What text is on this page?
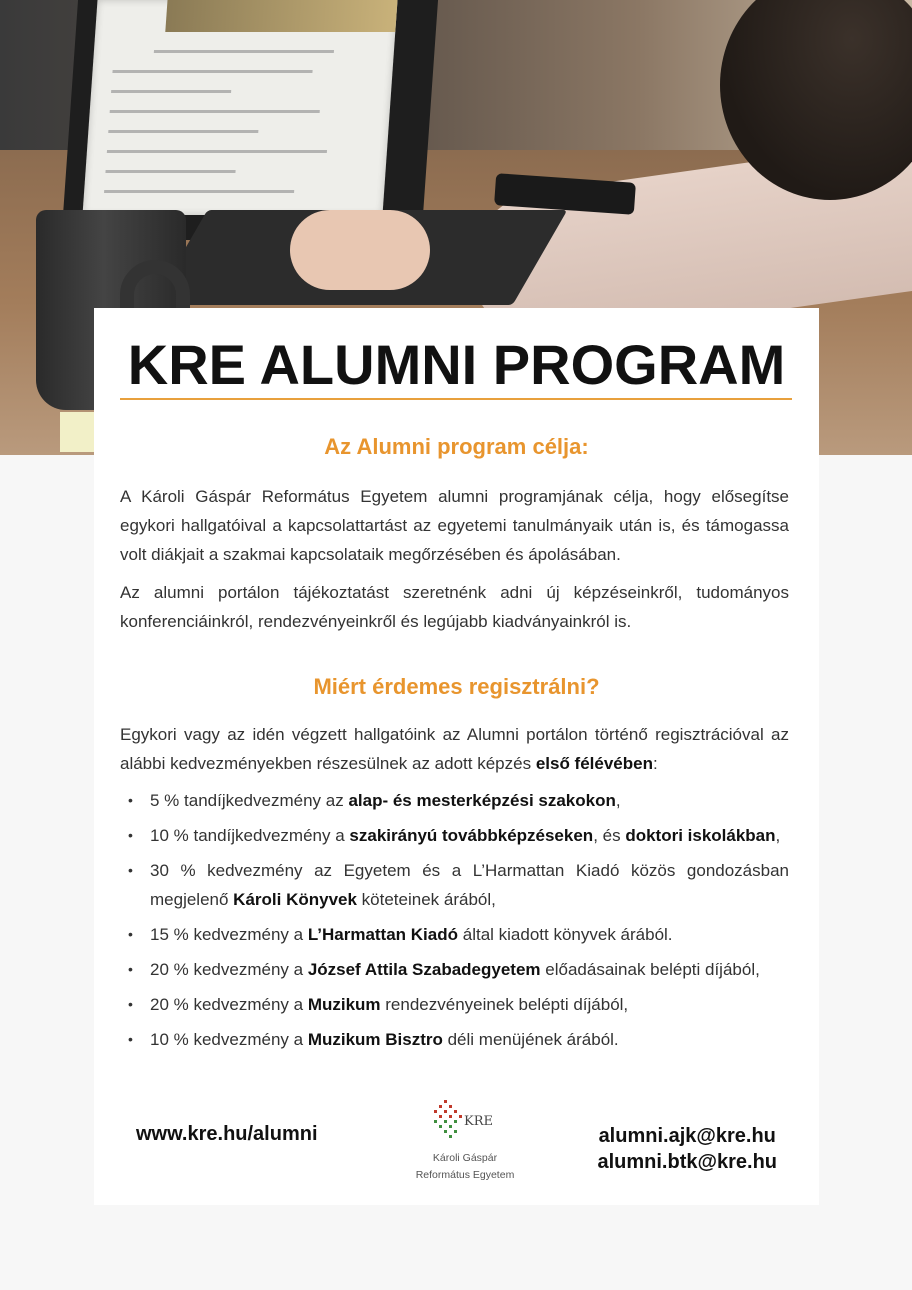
KRE ALUMNI PROGRAM
Az Alumni program célja:

A Károli Gáspár Református Egyetem alumni programjának célja, hogy elősegítse egykori hallgatóival a kapcsolattartást az egyetemi tanulmányaik után is, és támogassa volt diákjait a szakmai kapcsolataik megőrzésében és ápolásában.

Az alumni portálon tájékoztatást szeretnénk adni új képzéseinkről, tudományos konferenciáinkról, rendezvényeinkről és legújabb kiadványainkról is.

Miért érdemes regisztrálni?

Egykori vagy az idén végzett hallgatóink az Alumni portálon történő regisztrációval az alábbi kedvezményekben részesülnek az adott képzés első félévében:

• 5 % tandíjkedvezmény az alap- és mesterképzési szakokon,
• 10 % tandíjkedvezmény a szakirányú továbbképzéseken, és doktori iskolákban,
• 30 % kedvezmény az Egyetem és a L’Harmattan Kiadó közös gondozásban megjelenő Károli Könyvek köteteinek árából,
• 15 % kedvezmény a L’Harmattan Kiadó által kiadott könyvek árából.
• 20 % kedvezmény a József Attila Szabadegyetem előadásainak belépti díjából,
• 20 % kedvezmény a Muzikum rendezvényeinek belépti díjából,
• 10 % kedvezmény a Muzikum Bisztro déli menüjének árából.
www.kre.hu/alumni
KRE
Károli Gáspár
Református Egyetem
alumni.ajk@kre.hu
alumni.btk@kre.hu
